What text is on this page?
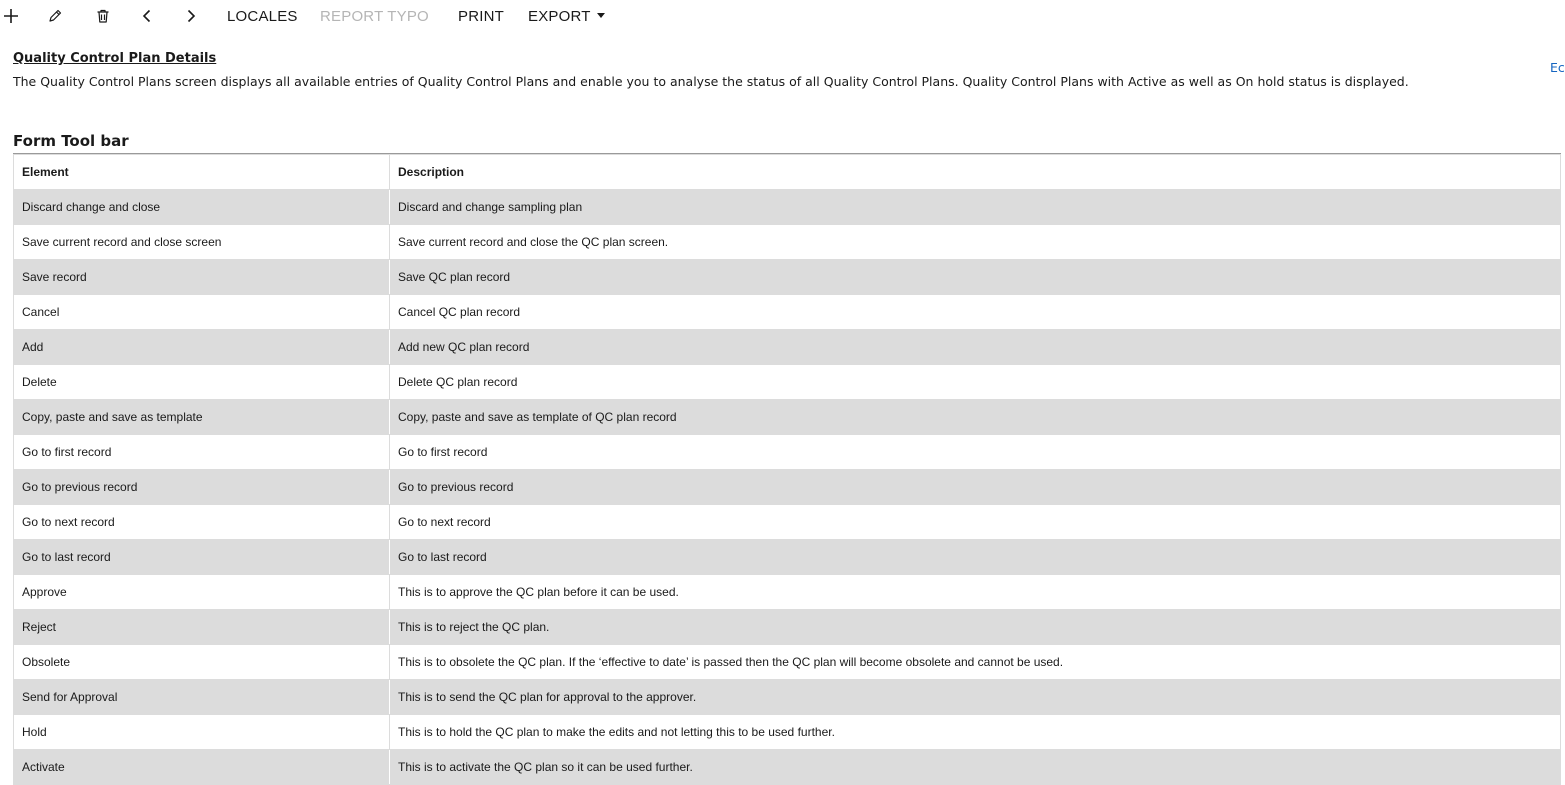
LOCALES REPORT TYPO PRINT EXPORT
Quality Control Plan Details
The Quality Control Plans screen displays all available entries of Quality Control Plans and enable you to analyse the status of all Quality Control Plans. Quality Control Plans with Active as well as On hold status is displayed.
Ec
Form Tool bar
Element	Description
Discard change and close	Discard and change sampling plan
Save current record and close screen	Save current record and close the QC plan screen.
Save record	Save QC plan record
Cancel	Cancel QC plan record
Add	Add new QC plan record
Delete	Delete QC plan record
Copy, paste and save as template	Copy, paste and save as template of QC plan record
Go to first record	Go to first record
Go to previous record	Go to previous record
Go to next record	Go to next record
Go to last record	Go to last record
Approve	This is to approve the QC plan before it can be used.
Reject	This is to reject the QC plan.
Obsolete	This is to obsolete the QC plan. If the ‘effective to date’ is passed then the QC plan will become obsolete and cannot be used.
Send for Approval	This is to send the QC plan for approval to the approver.
Hold	This is to hold the QC plan to make the edits and not letting this to be used further.
Activate	This is to activate the QC plan so it can be used further.
